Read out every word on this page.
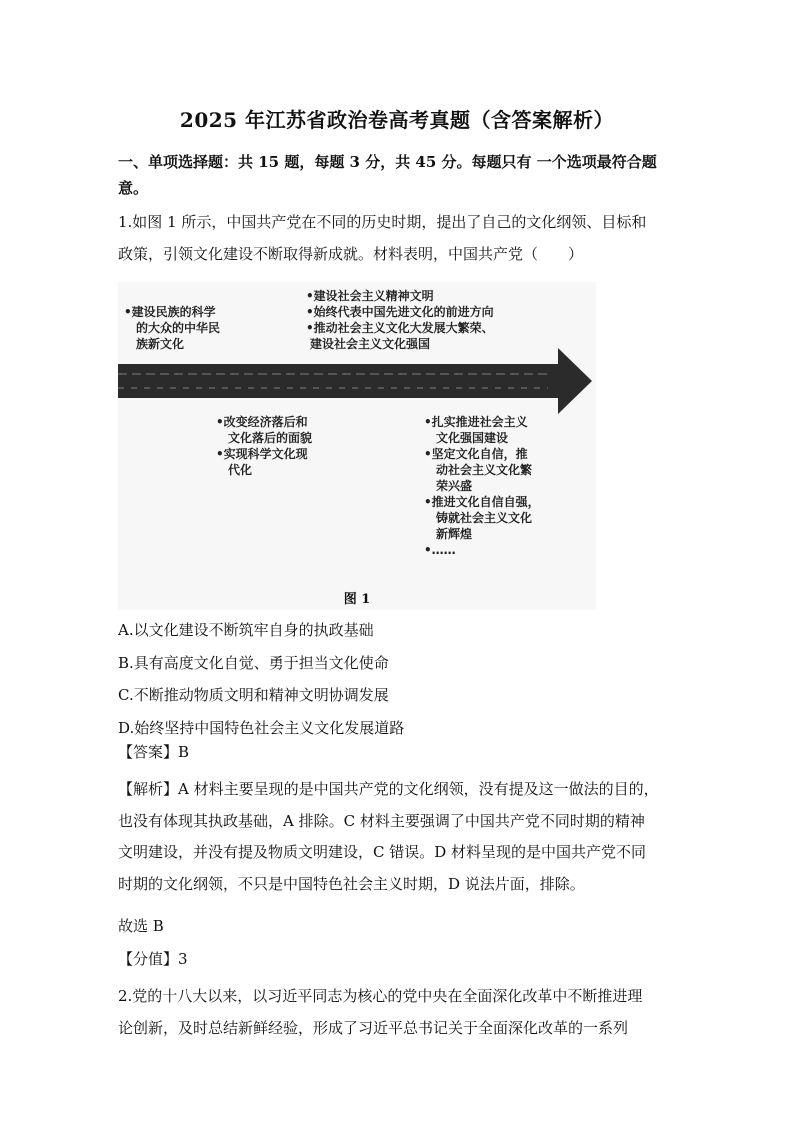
2025 年江苏省政治卷高考真题（含答案解析）
一、单项选择题：共 15 题，每题 3 分，共 45 分。每题只有 一个选项最符合题
意。
1.如图 1 所示，中国共产党在不同的历史时期，提出了自己的文化纲领、目标和
政策，引领文化建设不断取得新成就。材料表明，中国共产党（　　）
•建设民族的科学
的大众的中华民
族新文化
•建设社会主义精神文明
•始终代表中国先进文化的前进方向
•推动社会主义文化大发展大繁荣、
建设社会主义文化强国
•改变经济落后和
文化落后的面貌
•实现科学文化现
代化
•扎实推进社会主义
文化强国建设
•坚定文化自信，推
动社会主义文化繁
荣兴盛
•推进文化自信自强，
铸就社会主义文化
新辉煌
•……
图 1
A.以文化建设不断筑牢自身的执政基础
B.具有高度文化自觉、勇于担当文化使命
C.不断推动物质文明和精神文明协调发展
D.始终坚持中国特色社会主义文化发展道路
【答案】B
【解析】A 材料主要呈现的是中国共产党的文化纲领，没有提及这一做法的目的，
也没有体现其执政基础，A 排除。C 材料主要强调了中国共产党不同时期的精神
文明建设，并没有提及物质文明建设，C 错误。D 材料呈现的是中国共产党不同
时期的文化纲领，不只是中国特色社会主义时期，D 说法片面，排除。
故选 B
【分值】3
2.党的十八大以来，以习近平同志为核心的党中央在全面深化改革中不断推进理
论创新，及时总结新鲜经验，形成了习近平总书记关于全面深化改革的一系列
